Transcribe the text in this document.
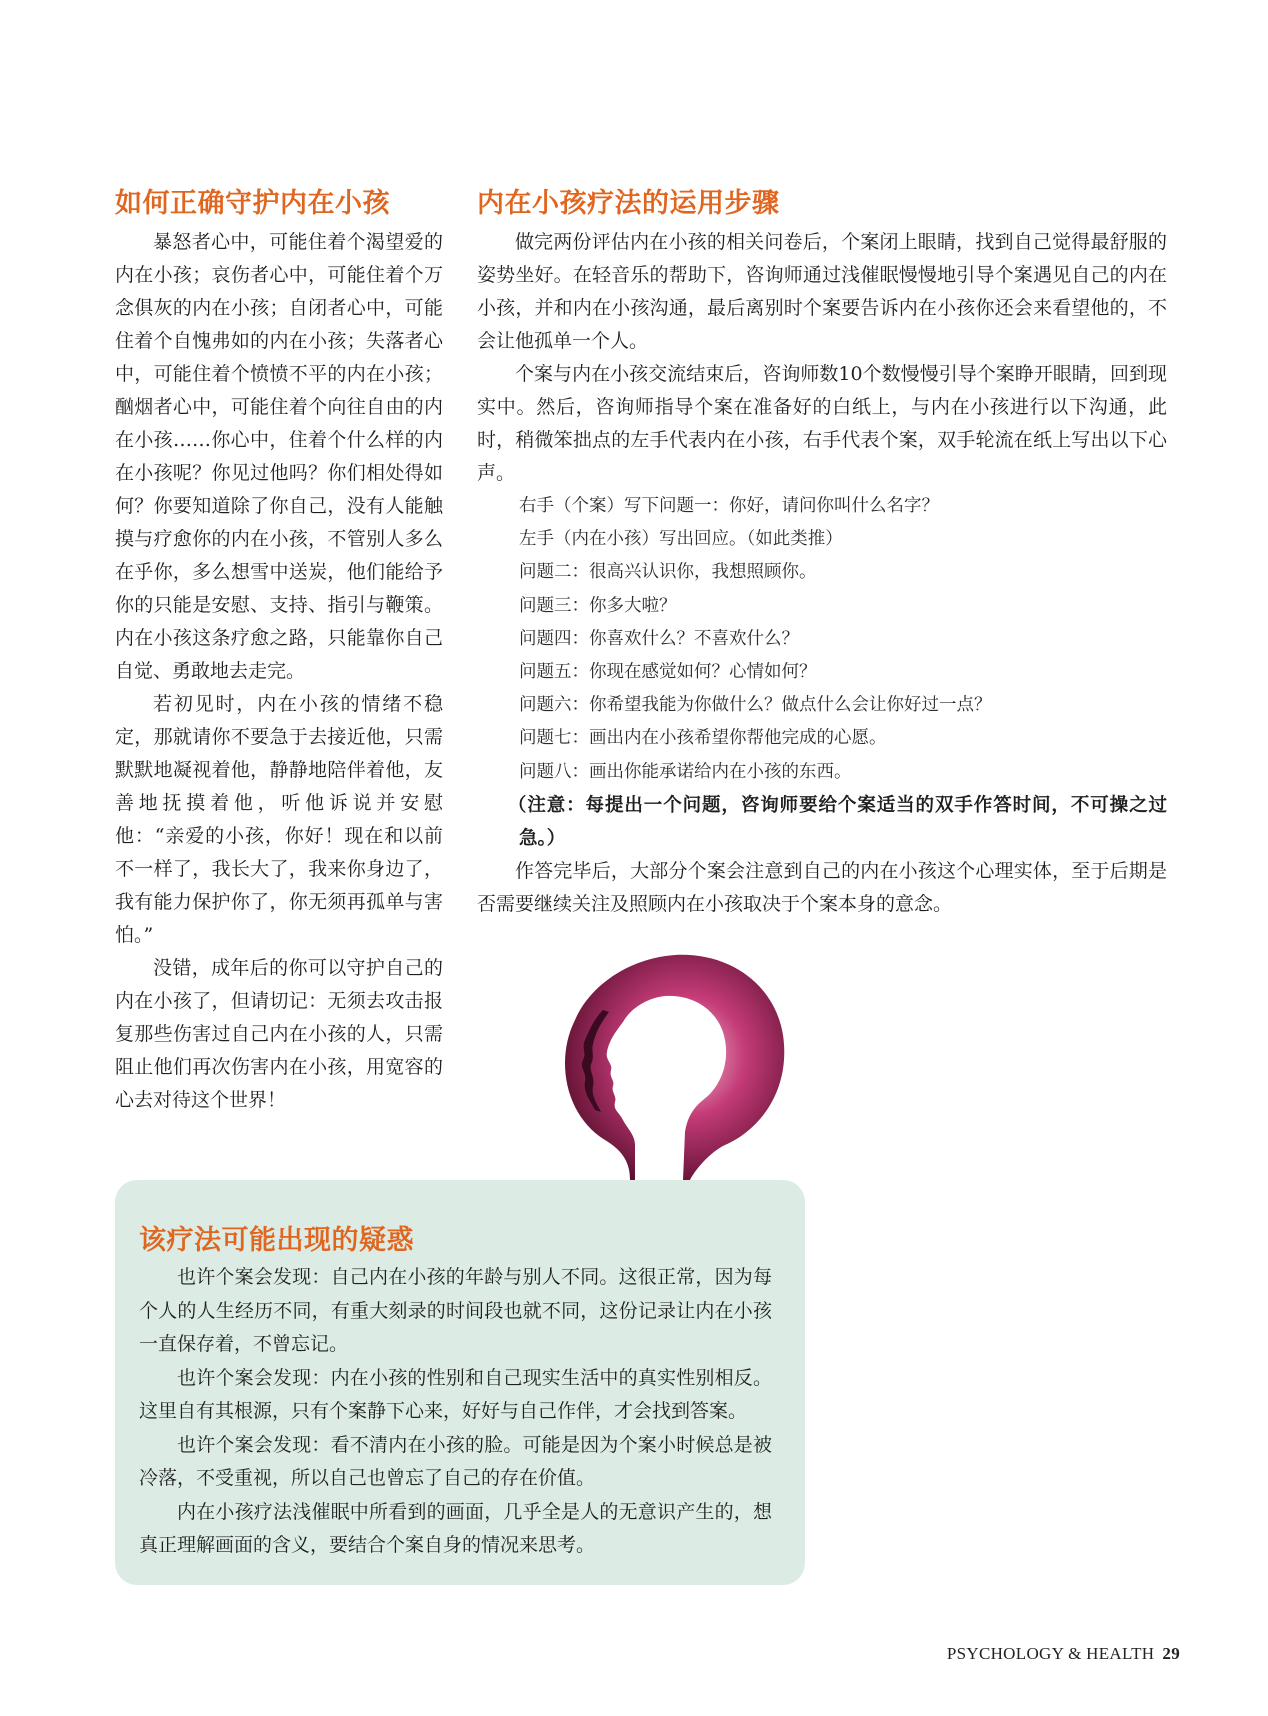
如何正确守护内在小孩

暴怒者心中，可能住着个渴望爱的内在小孩；哀伤者心中，可能住着个万念俱灰的内在小孩；自闭者心中，可能住着个自愧弗如的内在小孩；失落者心中，可能住着个愤愤不平的内在小孩；酗烟者心中，可能住着个向往自由的内在小孩……你心中，住着个什么样的内在小孩呢？你见过他吗？你们相处得如何？你要知道除了你自己，没有人能触摸与疗愈你的内在小孩，不管别人多么在乎你，多么想雪中送炭，他们能给予你的只能是安慰、支持、指引与鞭策。内在小孩这条疗愈之路，只能靠你自己自觉、勇敢地去走完。

若初见时，内在小孩的情绪不稳定，那就请你不要急于去接近他，只需默默地凝视着他，静静地陪伴着他，友善地抚摸着他，听他诉说并安慰他：“亲爱的小孩，你好！现在和以前不一样了，我长大了，我来你身边了，我有能力保护你了，你无须再孤单与害怕。”

没错，成年后的你可以守护自己的内在小孩了，但请切记：无须去攻击报复那些伤害过自己内在小孩的人，只需阻止他们再次伤害内在小孩，用宽容的心去对待这个世界！

内在小孩疗法的运用步骤

做完两份评估内在小孩的相关问卷后，个案闭上眼睛，找到自己觉得最舒服的姿势坐好。在轻音乐的帮助下，咨询师通过浅催眠慢慢地引导个案遇见自己的内在小孩，并和内在小孩沟通，最后离别时个案要告诉内在小孩你还会来看望他的，不会让他孤单一个人。

个案与内在小孩交流结束后，咨询师数10个数慢慢引导个案睁开眼睛，回到现实中。然后，咨询师指导个案在准备好的白纸上，与内在小孩进行以下沟通，此时，稍微笨拙点的左手代表内在小孩，右手代表个案，双手轮流在纸上写出以下心声。

右手（个案）写下问题一：你好，请问你叫什么名字？
左手（内在小孩）写出回应。（如此类推）
问题二：很高兴认识你，我想照顾你。
问题三：你多大啦？
问题四：你喜欢什么？不喜欢什么？
问题五：你现在感觉如何？心情如何？
问题六：你希望我能为你做什么？做点什么会让你好过一点？
问题七：画出内在小孩希望你帮他完成的心愿。
问题八：画出你能承诺给内在小孩的东西。
（注意：每提出一个问题，咨询师要给个案适当的双手作答时间，不可操之过急。）

作答完毕后，大部分个案会注意到自己的内在小孩这个心理实体，至于后期是否需要继续关注及照顾内在小孩取决于个案本身的意念。

该疗法可能出现的疑惑

也许个案会发现：自己内在小孩的年龄与别人不同。这很正常，因为每个人的人生经历不同，有重大刻录的时间段也就不同，这份记录让内在小孩一直保存着，不曾忘记。

也许个案会发现：内在小孩的性别和自己现实生活中的真实性别相反。这里自有其根源，只有个案静下心来，好好与自己作伴，才会找到答案。

也许个案会发现：看不清内在小孩的脸。可能是因为个案小时候总是被冷落，不受重视，所以自己也曾忘了自己的存在价值。

内在小孩疗法浅催眠中所看到的画面，几乎全是人的无意识产生的，想真正理解画面的含义，要结合个案自身的情况来思考。

PSYCHOLOGY & HEALTH 29
